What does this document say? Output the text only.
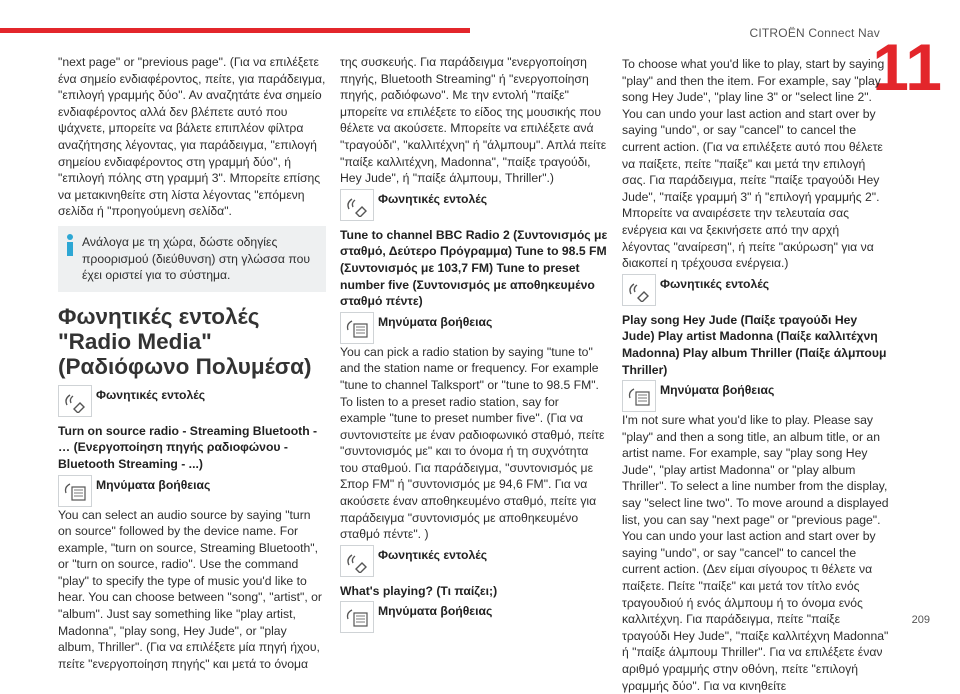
CITROËN Connect Nav
11
209

"next page" or "previous page". (Για να επιλέξετε ένα σημείο ενδιαφέροντος, πείτε, για παράδειγμα, "επιλογή γραμμής δύο". Αν αναζητάτε ένα σημείο ενδιαφέροντος αλλά δεν βλέπετε αυτό που ψάχνετε, μπορείτε να βάλετε επιπλέον φίλτρα αναζήτησης λέγοντας, για παράδειγμα, "επιλογή σημείου ενδιαφέροντος στη γραμμή δύο", ή "επιλογή πόλης στη γραμμή 3". Μπορείτε επίσης να μετακινηθείτε στη λίστα λέγοντας "επόμενη σελίδα ή "προηγούμενη σελίδα".

Ανάλογα με τη χώρα, δώστε οδηγίες προορισμού (διεύθυνση) στη γλώσσα που έχει οριστεί για το σύστημα.
Φωνητικές εντολές "Radio Media" (Ραδιόφωνο Πολυμέσα)
Φωνητικές εντολές

Turn on source radio - Streaming Bluetooth - … (Ενεργοποίηση πηγής ραδιοφώνου - Bluetooth Streaming - ...)

Μηνύματα βοήθειας

You can select an audio source by saying "turn on source" followed by the device name. For example, "turn on source, Streaming Bluetooth", or "turn on source, radio". Use the command "play" to specify the type of music you'd like to hear. You can choose between "song", "artist", or "album". Just say something like "play artist, Madonna", "play song, Hey Jude", or "play album, Thriller". (Για να επιλέξετε μία πηγή ήχου, πείτε "ενεργοποίηση πηγής" και μετά το όνομα

της συσκευής. Για παράδειγμα "ενεργοποίηση πηγής, Bluetooth Streaming" ή "ενεργοποίηση πηγής, ραδιόφωνο". Με την εντολή "παίξε" μπορείτε να επιλέξετε το είδος της μουσικής που θέλετε να ακούσετε. Μπορείτε να επιλέξετε ανά "τραγούδι", "καλλιτέχνη" ή "άλμπουμ". Απλά πείτε "παίξε καλλιτέχνη, Madonna", "παίξε τραγούδι, Hey Jude", ή "παίξε άλμπουμ, Thriller".)

Φωνητικές εντολές

Tune to channel BBC Radio 2 (Συντονισμός με σταθμό, Δεύτερο Πρόγραμμα) Tune to 98.5 FM (Συντονισμός με 103,7 FM) Tune to preset number five (Συντονισμός με αποθηκευμένο σταθμό πέντε)

Μηνύματα βοήθειας

You can pick a radio station by saying "tune to" and the station name or frequency. For example "tune to channel Talksport" or "tune to 98.5 FM". To listen to a preset radio station, say for example "tune to preset number five". (Για να συντονιστείτε με έναν ραδιοφωνικό σταθμό, πείτε "συντονισμός με" και το όνομα ή τη συχνότητα του σταθμού. Για παράδειγμα, "συντονισμός με Σπορ FM" ή "συντονισμός με 94,6 FM". Για να ακούσετε έναν αποθηκευμένο σταθμό, πείτε για παράδειγμα "συντονισμός με αποθηκευμένο σταθμό πέντε". )

Φωνητικές εντολές

What's playing? (Τι παίζει;)

Μηνύματα βοήθειας

To choose what you'd like to play, start by saying "play" and then the item. For example, say "play song Hey Jude", "play line 3" or "select line 2". You can undo your last action and start over by saying "undo", or say "cancel" to cancel the current action. (Για να επιλέξετε αυτό που θέλετε να παίξετε, πείτε "παίξε" και μετά την επιλογή σας. Για παράδειγμα, πείτε "παίξε τραγούδι Hey Jude", "παίξε γραμμή 3" ή "επιλογή γραμμής 2". Μπορείτε να αναιρέσετε την τελευταία σας ενέργεια και να ξεκινήσετε από την αρχή λέγοντας "αναίρεση", ή πείτε "ακύρωση" για να διακοπεί η τρέχουσα ενέργεια.)

Φωνητικές εντολές

Play song Hey Jude (Παίξε τραγούδι Hey Jude) Play artist Madonna (Παίξε καλλιτέχνη Madonna) Play album Thriller (Παίξε άλμπουμ Thriller)

Μηνύματα βοήθειας

I'm not sure what you'd like to play. Please say "play" and then a song title, an album title, or an artist name. For example, say "play song Hey Jude", "play artist Madonna" or "play album Thriller". To select a line number from the display, say "select line two". To move around a displayed list, you can say "next page" or "previous page". You can undo your last action and start over by saying "undo", or say "cancel" to cancel the current action. (Δεν είμαι σίγουρος τι θέλετε να παίξετε. Πείτε "παίξε" και μετά τον τίτλο ενός τραγουδιού ή ενός άλμπουμ ή το όνομα ενός καλλιτέχνη. Για παράδειγμα, πείτε "παίξε τραγούδι Hey Jude", "παίξε καλλιτέχνη Madonna" ή "παίξε άλμπουμ Thriller". Για να επιλέξετε έναν αριθμό γραμμής στην οθόνη, πείτε "επιλογή γραμμής δύο". Για να κινηθείτε
